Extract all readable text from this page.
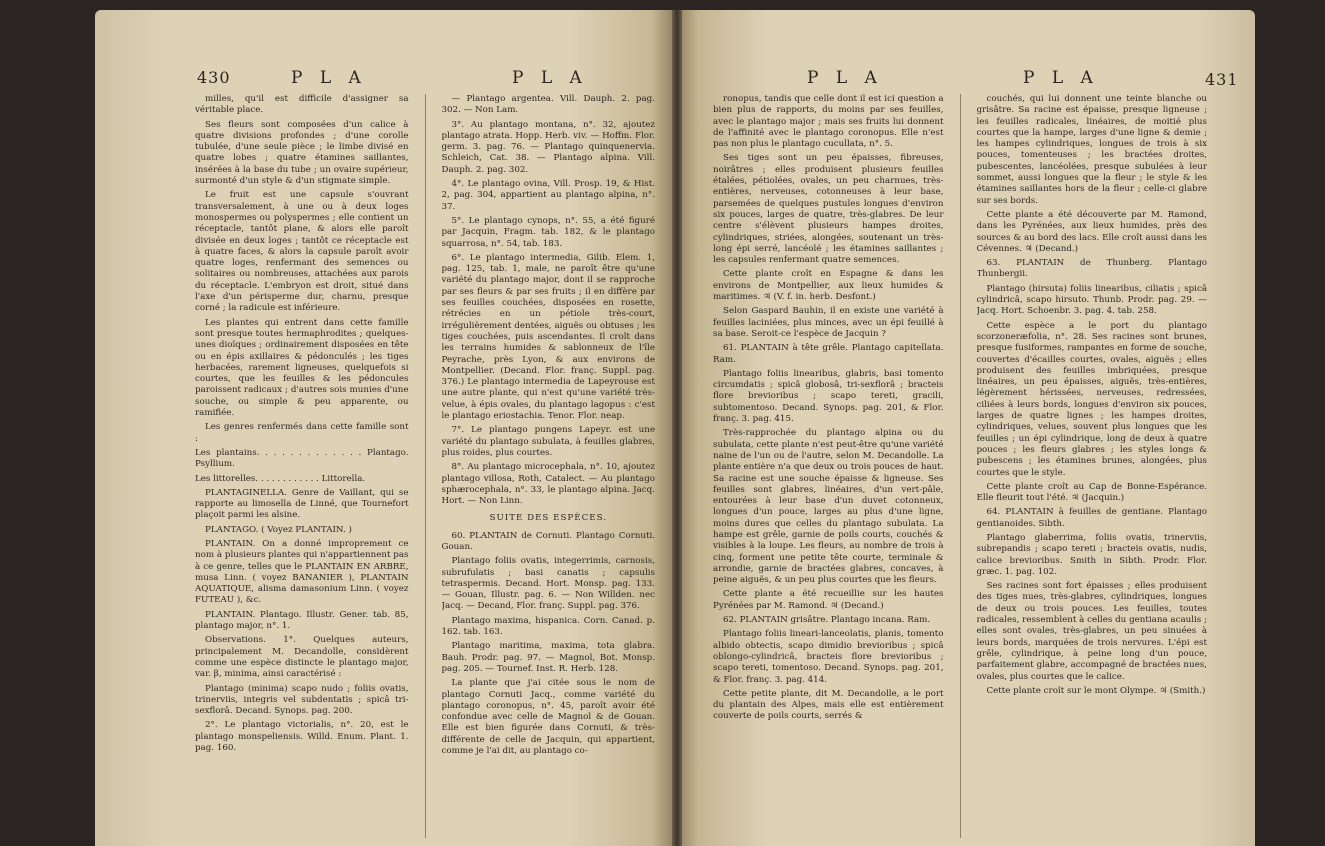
430	P L A	P L A

milles, qu'il est difficile d'assigner sa véritable place.

Ses fleurs sont composées d'un calice à quatre divisions profondes ; d'une corolle tubulée, d'une seule pièce ; le limbe divisé en quatre lobes ; quatre étamines saillantes, insérées à la base du tube ; un ovaire supérieur, surmonté d'un style & d'un stigmate simple.

Le fruit est une capsule s'ouvrant transversalement, à une ou à deux loges monospermes ou polyspermes ; elle contient un réceptacle, tantôt plane, & alors elle paroît divisée en deux loges ; tantôt ce réceptacle est à quatre faces, & alors la capsule paroît avoir quatre loges, renfermant des semences ou solitaires ou nombreuses, attachées aux parois du réceptacle. L'embryon est droit, situé dans l'axe d'un périsperme dur, charnu, presque corné ; la radicule est inférieure.

Les plantes qui entrent dans cette famille sont presque toutes hermaphrodites ; quelques-unes dioïques ; ordinairement disposées en tête ou en épis axillaires & pédonculés ; les tiges herbacées, rarement ligneuses, quelquefois si courtes, que les feuilles & les pédoncules paroissent radicaux ; d'autres sois munies d'une souche, ou simple & peu apparente, ou ramifiée.

Les genres renfermés dans cette famille sont :

Les plantains. . . . . . . . . . . . . Plantago. Psyllium.

Les littorelles. . . . . . . . . . . . Littorella.

PLANTAGINELLA. Genre de Vaillant, qui se rapporte au limosella de Linné, que Tournefort plaçoit parmi les alsine.

PLANTAGO. ( Voyez PLANTAIN. )

PLANTAIN. On a donné improprement ce nom à plusieurs plantes qui n'appartiennent pas à ce genre, telles que le PLANTAIN EN ARBRE, musa Linn. ( voyez BANANIER ), PLANTAIN AQUATIQUE, alisma damasonium Linn. ( voyez FUTEAU ), &c.

PLANTAIN. Plantago. Illustr. Gener. tab. 85, plantago major, n°. 1.

Observations. 1°. Quelques auteurs, principalement M. Decandolle, considèrent comme une espèce distincte le plantago major, var. β, minima, ainsi caractérisé :

Plantago (minima) scapo nudo ; foliis ovatis, trinerviis, integris vel subdentatis ; spicâ tri-sexflorâ. Decand. Synops. pag. 200.

2°. Le plantago victorialis, n°. 20, est le plantago monspeliensis. Willd. Enum. Plant. 1. pag. 160.

— Plantago argentea. Vill. Dauph. 2. pag. 302. — Non Lam.

3°. Au plantago montana, n°. 32, ajoutez plantago atrata. Hopp. Herb. viv. — Hoffm. Flor. germ. 3. pag. 76. — Plantago quinquenervia. Schleich, Cat. 38. — Plantago alpina. Vill. Dauph. 2. pag. 302.

4°. Le plantago ovina, Vill. Prosp. 19, & Hist. 2, pag. 304, appartient au plantago alpina, n°. 37.

5°. Le plantago cynops, n°. 55, a été figuré par Jacquin, Fragm. tab. 182, & le plantago squarrosa, n°. 54, tab. 183.

6°. Le plantago intermedia, Gilib. Elem. 1, pag. 125, tab. 1, male, ne paroît être qu'une variété du plantago major, dont il se rapproche par ses fleurs & par ses fruits ; il en diffère par ses feuilles couchées, disposées en rosette, rétrécies en un pétiole très-court, irrégulièrement dentées, aiguës ou obtuses ; les tiges couchées, puis ascendantes. Il croît dans les terrains humides & sablonneux de l'île Peyrache, près Lyon, & aux environs de Montpellier. (Decand. Flor. franç. Suppl. pag. 376.) Le plantago intermedia de Lapeyrouse est une autre plante, qui n'est qu'une variété très-velue, à épis ovales, du plantago lagopus : c'est le plantago eriostachia. Tenor. Flor. neap.

7°. Le plantago pungens Lapeyr. est une variété du plantago subulata, à feuilles glabres, plus roides, plus courtes.

8°. Au plantago microcephala, n°. 10, ajoutez plantago villosa, Roth, Catalect. — Au plantago sphærocephala, n°. 33, le plantago alpina. Jacq. Hort. — Non Linn.

SUITE DES ESPÈCES.

60. PLANTAIN de Cornuti. Plantago Cornuti. Gouan.

Plantago foliis ovatis, integerrimis, carnosis, subrufulatis ; basi canatis ; capsulis tetraspermis. Decand. Hort. Monsp. pag. 133. — Gouan, Illustr. pag. 6. — Non Willden. nec Jacq. — Decand, Flor. franç. Suppl. pag. 376.

Plantago maxima, hispanica. Corn. Canad. p. 162. tab. 163.

Plantago maritima, maxima, tota glabra. Bauh. Prodr. pag. 97. — Magnol, Bot. Monsp. pag. 205. — Tournef. Inst. R. Herb. 128.

La plante que j'ai citée sous le nom de plantago Cornuti Jacq., comme variété du plantago coronopus, n°. 45, paroît avoir été confondue avec celle de Magnol & de Gouan. Elle est bien figurée dans Cornuti, & très-différente de celle de Jacquin, qui appartient, comme je l'ai dit, au plantago co-

P L A	P L A	431

ronopus, tandis que celle dont il est ici question a bien plus de rapports, du moins par ses feuilles, avec le plantago major ; mais ses fruits lui donnent de l'affinité avec le plantago coronopus. Elle n'est pas non plus le plantago cucullata, n°. 5.

Ses tiges sont un peu épaisses, fibreuses, noirâtres ; elles produisent plusieurs feuilles étalées, pétiolées, ovales, un peu charnues, très-entières, nerveuses, cotonneuses à leur base, parsemées de quelques pustules longues d'environ six pouces, larges de quatre, très-glabres. De leur centre s'élèvent plusieurs hampes droites, cylindriques, striées, alongées, soutenant un très-long épi serré, lancéolé ; les étamines saillantes ; les capsules renfermant quatre semences.

Cette plante croît en Espagne & dans les environs de Montpellier, aux lieux humides & maritimes. ♃ (V. f. in. herb. Desfont.)

Selon Gaspard Bauhin, il en existe une variété à feuilles laciniées, plus minces, avec un épi feuillé à sa base. Seroit-ce l'espèce de Jacquin ?

61. PLANTAIN à tête grêle. Plantago capitellata. Ram.

Plantago foliis linearibus, glabris, basi tomento circumdatis ; spicâ globosâ, tri-sexflorâ ; bracteis flore brevioribus ; scapo tereti, gracili, subtomentoso. Decand. Synops. pag. 201, & Flor. franç. 3. pag. 415.

Très-rapprochée du plantago alpina ou du subulata, cette plante n'est peut-être qu'une variété naine de l'un ou de l'autre, selon M. Decandolle. La plante entière n'a que deux ou trois pouces de haut. Sa racine est une souche épaisse & ligneuse. Ses feuilles sont glabres, linéaires, d'un vert-pâle, entourées à leur base d'un duvet cotonneux, longues d'un pouce, larges au plus d'une ligne, moins dures que celles du plantago subulata. La hampe est grêle, garnie de poils courts, couchés & visibles à la loupe. Les fleurs, au nombre de trois à cinq, forment une petite tête courte, terminale & arrondie, garnie de bractées glabres, concaves, à peine aiguës, & un peu plus courtes que les fleurs.

Cette plante a été recueillie sur les hautes Pyrénées par M. Ramond. ♃ (Decand.)

62. PLANTAIN grisâtre. Plantago incana. Ram.

Plantago foliis lineari-lanceolatis, planis, tomento albido obtectis, scapo dimidio brevioribus ; spicâ oblongo-cylindricâ, bracteis flore brevioribus ; scapo tereti, tomentoso. Decand. Synops. pag. 201, & Flor. franç. 3. pag. 414.

Cette petite plante, dit M. Decandolle, a le port du plantain des Alpes, mais elle est entièrement couverte de poils courts, serrés &

couchés, qui lui donnent une teinte blanche ou grisâtre. Sa racine est épaisse, presque ligneuse ; les feuilles radicales, linéaires, de moitié plus courtes que la hampe, larges d'une ligne & demie ; les hampes cylindriques, longues de trois à six pouces, tomenteuses ; les bractées droites, pubescentes, lancéolées, presque subulées à leur sommet, aussi longues que la fleur ; le style & les étamines saillantes hors de la fleur ; celle-ci glabre sur ses bords.

Cette plante a été découverte par M. Ramond, dans les Pyrénées, aux lieux humides, près des sources & au bord des lacs. Elle croît aussi dans les Cévennes. ♃ (Decand.)

63. PLANTAIN de Thunberg. Plantago Thunbergii.

Plantago (hirsuta) foliis linearibus, ciliatis ; spicâ cylindricâ, scapo hirsuto. Thunb. Prodr. pag. 29. — Jacq. Hort. Schoenbr. 3. pag. 4. tab. 258.

Cette espèce a le port du plantago scorzoneræfolia, n°. 28. Ses racines sont brunes, presque fusiformes, rampantes en forme de souche, couvertes d'écailles courtes, ovales, aiguës ; elles produisent des feuilles imbriquées, presque linéaires, un peu épaisses, aiguës, très-entières, légèrement hérissées, nerveuses, redressées, ciliées à leurs bords, longues d'environ six pouces, larges de quatre lignes ; les hampes droites, cylindriques, velues, souvent plus longues que les feuilles ; un épi cylindrique, long de deux à quatre pouces ; les fleurs glabres ; les styles longs & pubescens ; les étamines brunes, alongées, plus courtes que le style.

Cette plante croît au Cap de Bonne-Espérance. Elle fleurit tout l'été. ♃ (Jacquin.)

64. PLANTAIN à feuilles de gentiane. Plantago gentianoides. Sibth.

Plantago glaberrima, foliis ovatis, trinerviis, subrepandis ; scapo tereti ; bracteis ovatis, nudis, calice brevioribus. Smith in Sibth. Prodr. Flor. græc. 1. pag. 102.

Ses racines sont fort épaisses ; elles produisent des tiges nues, très-glabres, cylindriques, longues de deux ou trois pouces. Les feuilles, toutes radicales, ressemblent à celles du gentiana acaulis ; elles sont ovales, très-glabres, un peu sinuées à leurs bords, marquées de trois nervures. L'épi est grêle, cylindrique, à peine long d'un pouce, parfaitement glabre, accompagné de bractées nues, ovales, plus courtes que le calice.

Cette plante croît sur le mont Olympe. ♃ (Smith.)
